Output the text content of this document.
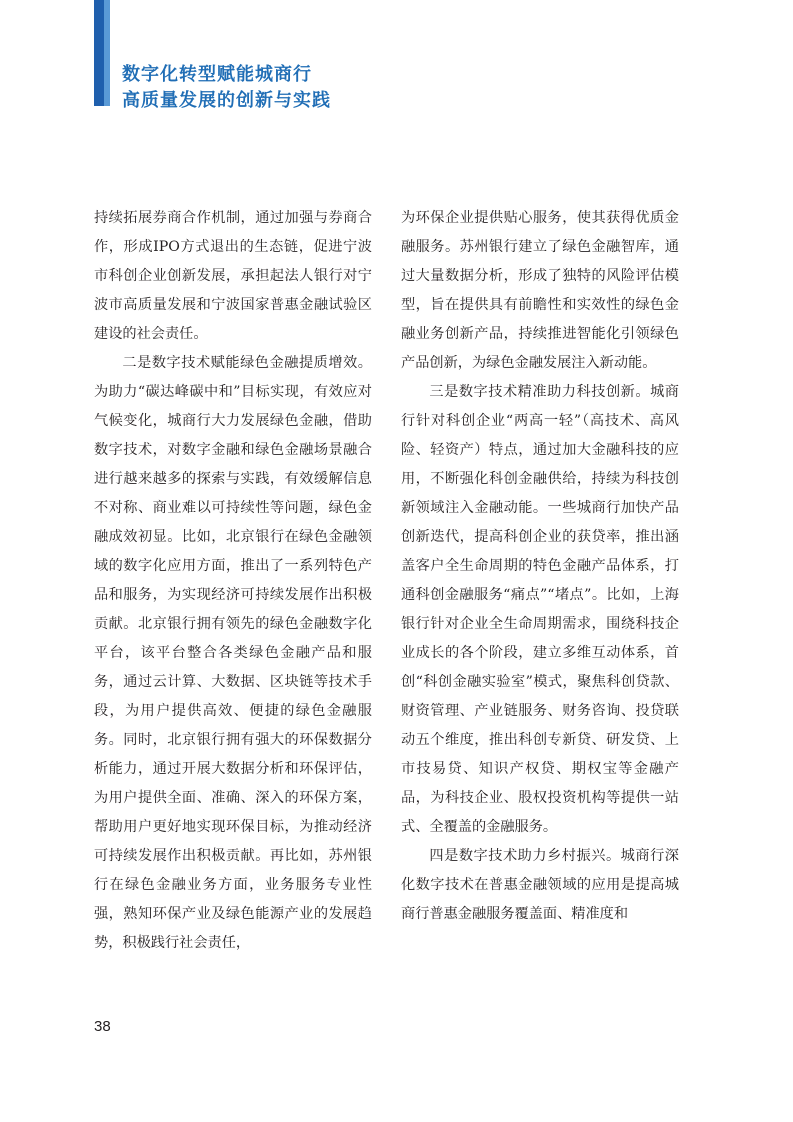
数字化转型赋能城商行
高质量发展的创新与实践

持续拓展券商合作机制，通过加强与券商合作，形成IPO方式退出的生态链，促进宁波市科创企业创新发展，承担起法人银行对宁波市高质量发展和宁波国家普惠金融试验区建设的社会责任。

二是数字技术赋能绿色金融提质增效。为助力“碳达峰碳中和”目标实现，有效应对气候变化，城商行大力发展绿色金融，借助数字技术，对数字金融和绿色金融场景融合进行越来越多的探索与实践，有效缓解信息不对称、商业难以可持续性等问题，绿色金融成效初显。比如，北京银行在绿色金融领域的数字化应用方面，推出了一系列特色产品和服务，为实现经济可持续发展作出积极贡献。北京银行拥有领先的绿色金融数字化平台，该平台整合各类绿色金融产品和服务，通过云计算、大数据、区块链等技术手段，为用户提供高效、便捷的绿色金融服务。同时，北京银行拥有强大的环保数据分析能力，通过开展大数据分析和环保评估，为用户提供全面、准确、深入的环保方案，帮助用户更好地实现环保目标，为推动经济可持续发展作出积极贡献。再比如，苏州银行在绿色金融业务方面，业务服务专业性强，熟知环保产业及绿色能源产业的发展趋势，积极践行社会责任，

为环保企业提供贴心服务，使其获得优质金融服务。苏州银行建立了绿色金融智库，通过大量数据分析，形成了独特的风险评估模型，旨在提供具有前瞻性和实效性的绿色金融业务创新产品，持续推进智能化引领绿色产品创新，为绿色金融发展注入新动能。

三是数字技术精准助力科技创新。城商行针对科创企业“两高一轻”（高技术、高风险、轻资产）特点，通过加大金融科技的应用，不断强化科创金融供给，持续为科技创新领域注入金融动能。一些城商行加快产品创新迭代，提高科创企业的获贷率，推出涵盖客户全生命周期的特色金融产品体系，打通科创金融服务“痛点”“堵点”。比如，上海银行针对企业全生命周期需求，围绕科技企业成长的各个阶段，建立多维互动体系，首创“科创金融实验室”模式，聚焦科创贷款、财资管理、产业链服务、财务咨询、投贷联动五个维度，推出科创专新贷、研发贷、上市技易贷、知识产权贷、期权宝等金融产品，为科技企业、股权投资机构等提供一站式、全覆盖的金融服务。

四是数字技术助力乡村振兴。城商行深化数字技术在普惠金融领域的应用是提高城商行普惠金融服务覆盖面、精准度和

38
